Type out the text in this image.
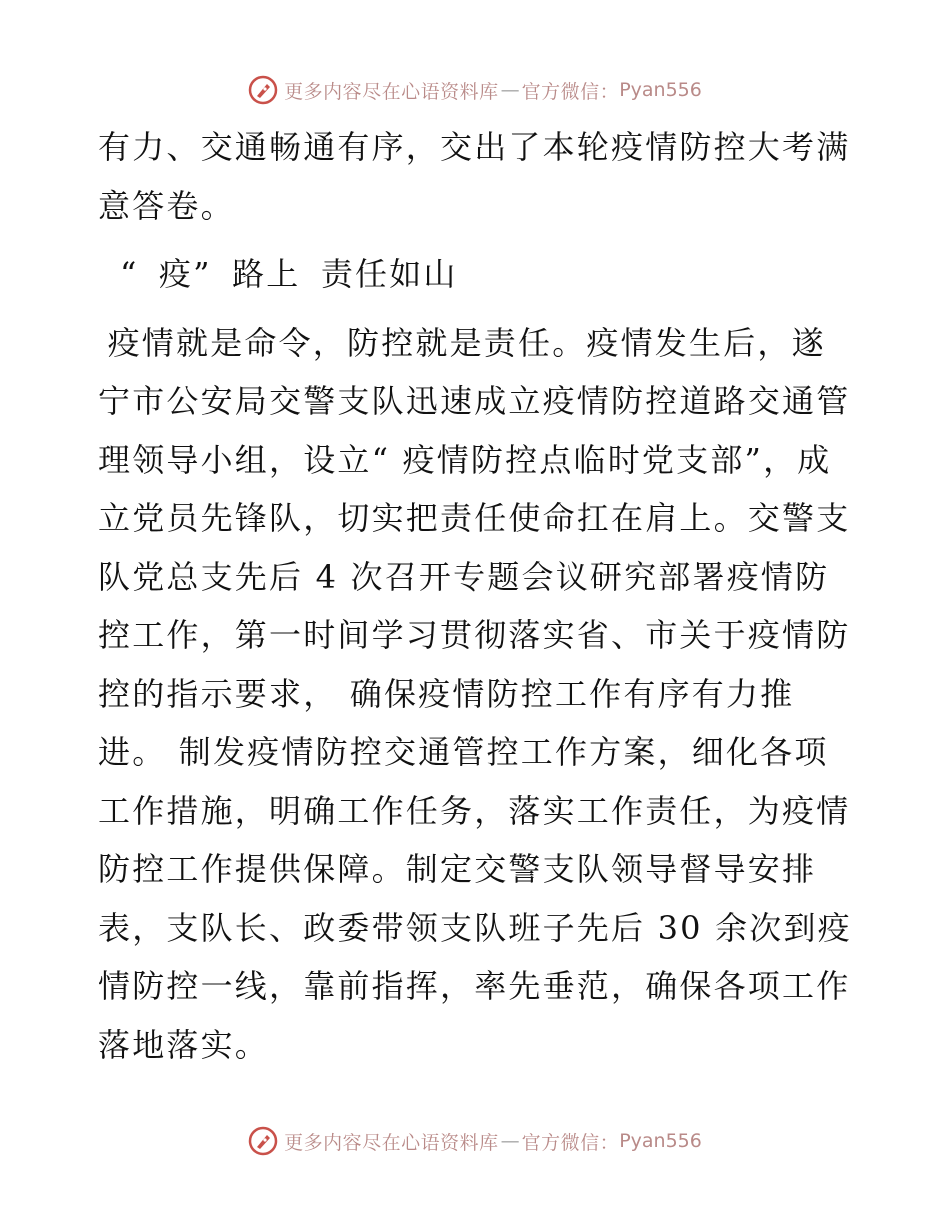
更多内容尽在心语资料库 — 官方微信： Pyan556

有力、交通畅通有序，交出了本轮疫情防控大考满意答卷。

“ 疫” 路上 责任如山

疫情就是命令，防控就是责任。疫情发生后，遂宁市公安局交警支队迅速成立疫情防控道路交通管理领导小组，设立“ 疫情防控点临时党支部”，成立党员先锋队，切实把责任使命扛在肩上。交警支队党总支先后 4 次召开专题会议研究部署疫情防控工作，第一时间学习贯彻落实省、市关于疫情防控的指示要求， 确保疫情防控工作有序有力推进。 制发疫情防控交通管控工作方案，细化各项工作措施，明确工作任务，落实工作责任，为疫情防控工作提供保障。制定交警支队领导督导安排表，支队长、政委带领支队班子先后 30 余次到疫情防控一线，靠前指挥，率先垂范，确保各项工作落地落实。

更多内容尽在心语资料库 — 官方微信： Pyan556
